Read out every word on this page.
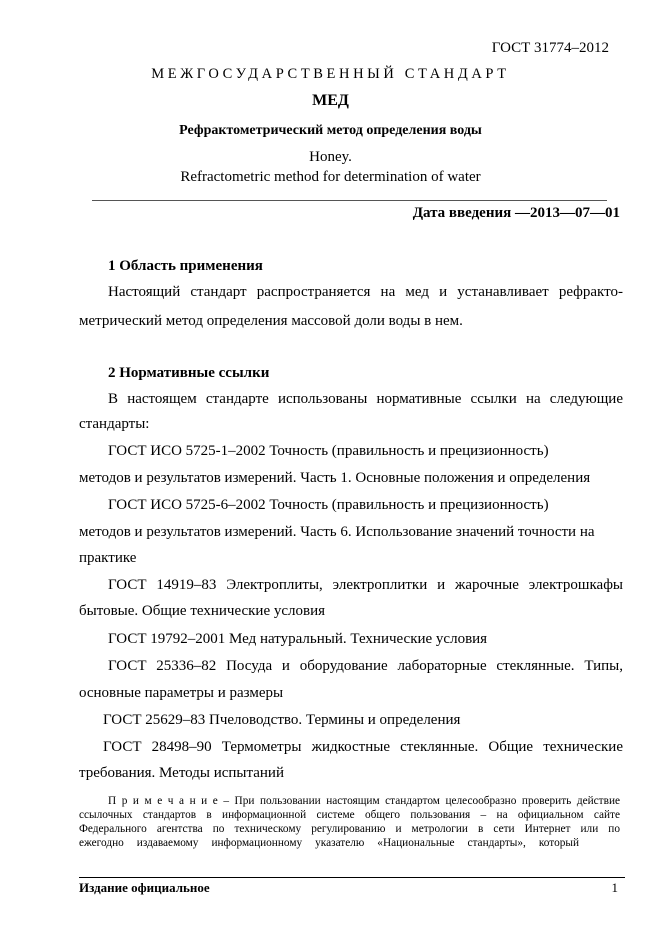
ГОСТ 31774–2012
МЕЖГОСУДАРСТВЕННЫЙ СТАНДАРТ
МЕД
Рефрактометрический метод определения воды
Honey.
Refractometric method for determination of water
Дата введения —2013—07—01
1 Область применения
Настоящий стандарт распространяется на мед и устанавливает рефракто-
метрический метод определения массовой доли воды в нем.
2 Нормативные ссылки
В настоящем стандарте использованы нормативные ссылки на следующие
стандарты:
ГОСТ ИСО 5725-1–2002 Точность (правильность и прецизионность)
методов и результатов измерений. Часть 1. Основные положения и определения
ГОСТ ИСО 5725-6–2002 Точность (правильность и прецизионность)
методов и результатов измерений. Часть 6. Использование значений точности на
практике
ГОСТ 14919–83 Электроплиты, электроплитки и жарочные электрошкафы
бытовые. Общие технические условия
ГОСТ 19792–2001 Мед натуральный. Технические условия
ГОСТ 25336–82 Посуда и оборудование лабораторные стеклянные. Типы,
основные параметры и размеры
ГОСТ 25629–83 Пчеловодство. Термины и определения
ГОСТ 28498–90 Термометры жидкостные стеклянные. Общие технические
требования. Методы испытаний
П р и м е ч а н и е – При пользовании настоящим стандартом целесообразно проверить действие
ссылочных стандартов в информационной системе общего пользования – на официальном сайте
Федерального агентства по техническому регулированию и метрологии в сети Интернет или по
ежегодно издаваемому информационному указателю «Национальные стандарты», который
Издание официальное	1
